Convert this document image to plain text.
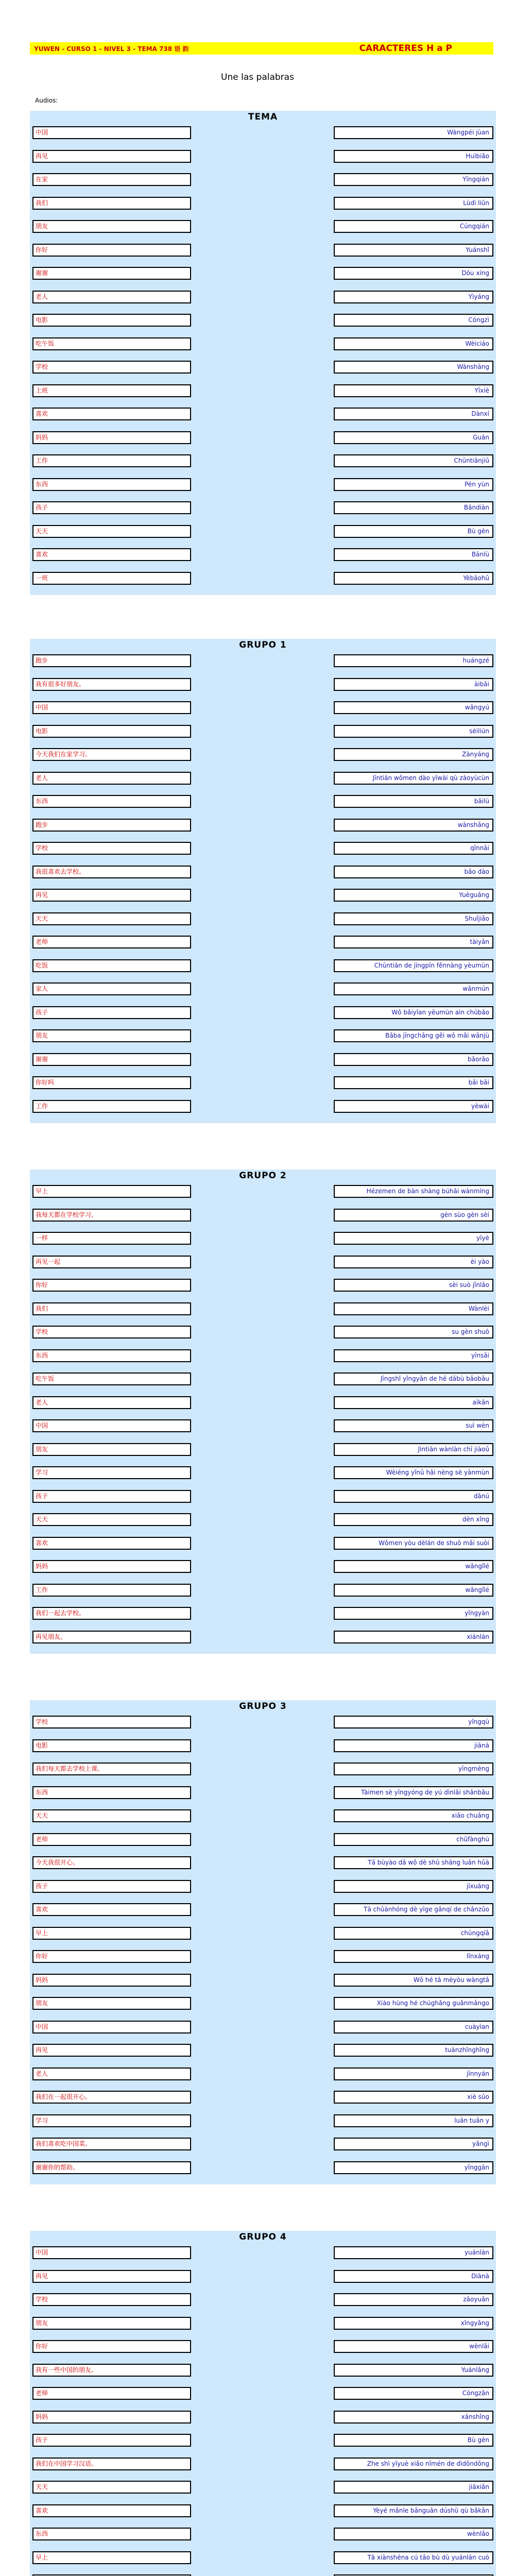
YUWEN - CURSO 1 - NIVEL 3 - TEMA 738 语 韵	CARACTERES H a P
Une las palabras
Audios:
TEMA
中国	Wàngpéi jùan
再见	Huìbiǎo
在家	Yīngqián
我们	Lùdì liǔn
朋友	Cúngqián
你好	Yuánshǐ
谢谢	Dōu xíng
老人	Yìyáng
电影	Cóngzì
吃午饭	Wèiciáo
学校	Wànshàng
上班	Yīxiè
喜欢	Dànxí
妈妈	Guān
工作	Chūntiānjiǔ
东西	Pén yùn
孩子	Bāndiàn
天天	Bù gèn
喜欢	Bānlù
一班	Yèbāohǔ
GRUPO 1
跑步	huángzé
我有很多好朋友。	àibǎi
中国	wǎngyú
电影	sèiliún
今天我们在家学习。	Zànyáng
老人	Jīntiān wǒmen dào yīwài qù zàoyùcùn
东西	bǎilù
跑步	wànshǎng
学校	qǐnnǎi
我很喜欢去学校。	bǎo dào
再见	Yuèguāng
天天	Shuǐjiǎo
老师	tàiyǎn
吃饭	Chūntiān de jīngpǐn fěnnàng yèumùn
家人	wǎnmún
孩子	Wǒ bǎiyǐan yēumùn aìn chūbǎo
朋友	Bǎba jīngchǎng gěi wǒ mǎi wǎnjù
谢谢	bǎorǎo
你好吗	bǎi bǎi
工作	yèwài
GRUPO 2
早上	Hézemen de bàn shàng búhǎi wànmíng
我每天都在学校学习。	gèn sùo gèn sèi
一样	yīyè
再见一起	èi yào
你好	sèi suò jǐnlǎo
我们	Wànlèi
学校	su gèn shuō
东西	yīnsǎi
吃午饭	Jīngshǐ yǐngyǎn de hē dǎbù bǎobǎu
老人	aìkǎn
中国	suì wèn
朋友	Jìntiān wànlàn chī jiàoǔ
学习	Wèiéng yǐnǔ hǎi nèng sè yànmùn
孩子	dǎnú
天天	dèn xǐng
喜欢	Wǒmen yòu dèlán de shuō mǎi suòi
妈妈	wǎngǐlé
工作	wǎngǐlé
我们一起去学校。	yǐngyàn
再见朋友。	xiánlán
GRUPO 3
学校	yǐngqù
电影	jiānà
我们每天都去学校上课。	yīngmèng
东西	Tàimen sè yīngyóng de yú dìnlǎi shǎnbǎu
天天	xiǎo chuǎng
老师	chǔfànghù
今天我很开心。	Tā bùyào dǎ wǒ dè shū shāng luān hǔà
孩子	jīxuàng
喜欢	Tā chǔànhóng dè yīge gǎnqí de chǎnzǔo
早上	chūngqíǎ
你好	lǐnxáng
妈妈	Wǒ hé tā mèyòu wàngtǎ
朋友	Xiào hùng hé chúghǎng guǎnmǎngo
中国	cuàyìan
再见	tuànzhǐnghǐng
老人	jīnnyán
我们在一起很开心。	xiè sǔo
学习	luǎn tuǎn y
我们喜欢吃中国菜。	yǎngì
谢谢你的帮助。	yǐnggān
GRUPO 4
中国	yuánlàn
再见	Diànà
学校	zǎoyuǎn
朋友	xǐngyǎng
你好	wènlǎi
我有一些中国的朋友。	Yuánlǎng
老师	Cóngzǎn
妈妈	xánshǐng
孩子	Bù gèn
我们在中国学习汉语。	Zhe shì yīyuè xiǎo nǐmén de dìdǒndǒng
天天	jiāxiǎn
喜欢	Yèyé mǎnle bǎnguǎn dúshū qù bǎkǎn
东西	wènlǎo
早上	Tā xiànshéna cú tǎo bù dù yuánlán cuò
